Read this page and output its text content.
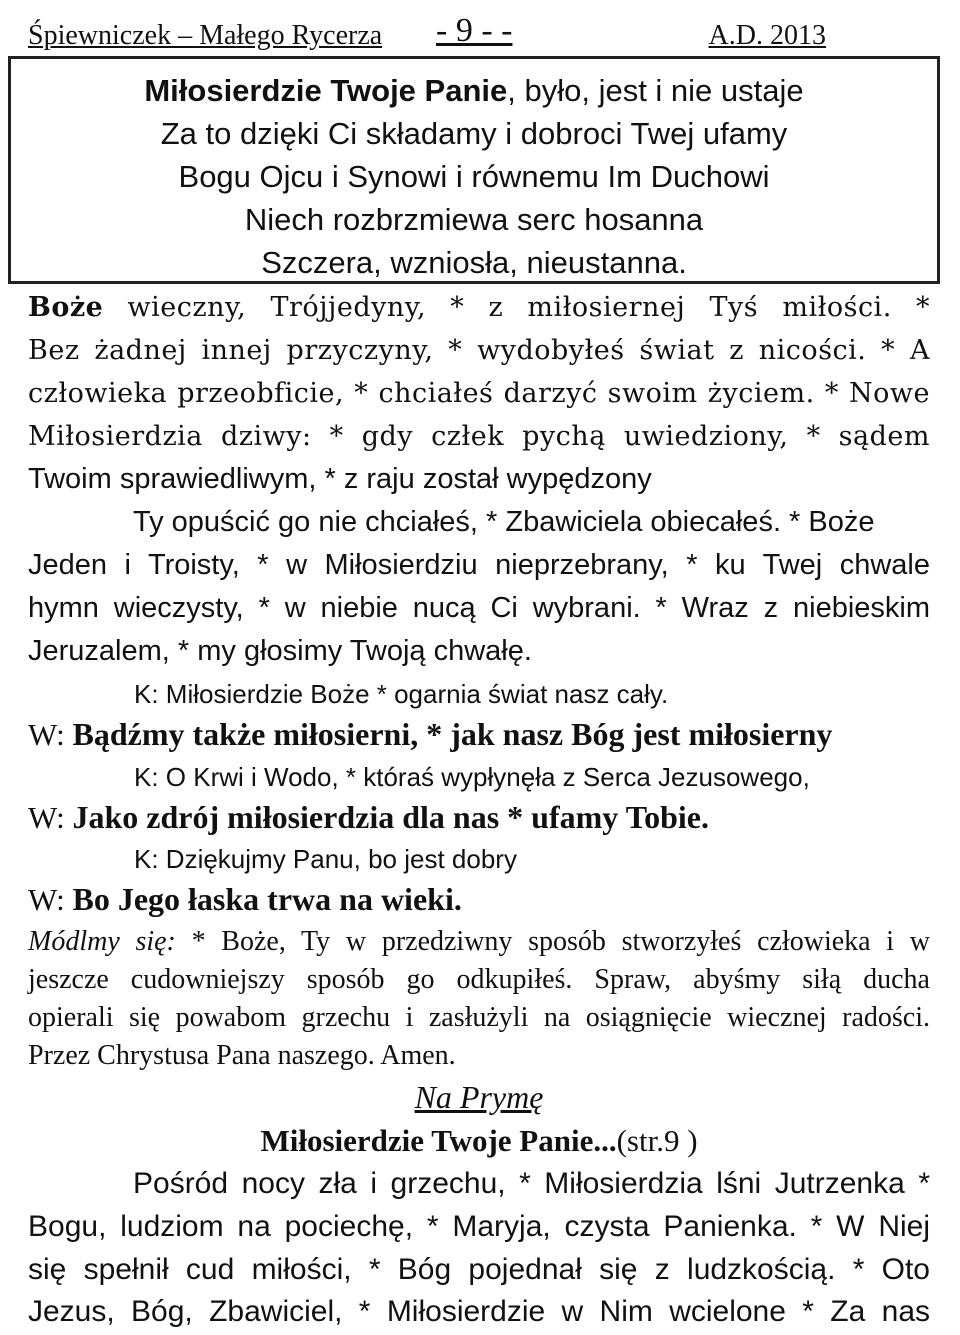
Śpiewniczek – Małego Rycerza - 9 - -	A.D. 2013

Miłosierdzie Twoje Panie, było, jest i nie ustaje

Za to dzięki Ci składamy i dobroci Twej ufamy

Bogu Ojcu i Synowi i równemu Im Duchowi

Niech rozbrzmiewa serc hosanna

Szczera, wzniosła, nieustanna.

Boże wieczny, Trójjedyny, * z miłosiernej Tyś miłości. *
Bez żadnej innej przyczyny, * wydobyłeś świat z nicości. * A
człowieka przeobficie, * chciałeś darzyć swoim życiem. * Nowe
Miłosierdzia dziwy: * gdy człek pychą uwiedziony, * sądem
Twoim sprawiedliwym, * z raju został wypędzony
Ty opuścić go nie chciałeś, * Zbawiciela obiecałeś. * Boże
Jeden i Troisty, * w Miłosierdziu nieprzebrany, * ku Twej chwale
hymn wieczysty, * w niebie nucą Ci wybrani. * Wraz z niebieskim
Jeruzalem, * my głosimy Twoją chwałę.
K: Miłosierdzie Boże * ogarnia świat nasz cały.
W: Bądźmy także miłosierni, * jak nasz Bóg jest miłosierny
K: O Krwi i Wodo, * któraś wypłynęła z Serca Jezusowego,
W: Jako zdrój miłosierdzia dla nas * ufamy Tobie.
K: Dziękujmy Panu, bo jest dobry
W: Bo Jego łaska trwa na wieki.
Módlmy się: * Boże, Ty w przedziwny sposób stworzyłeś człowieka i w
jeszcze cudowniejszy sposób go odkupiłeś. Spraw, abyśmy siłą ducha
opierali się powabom grzechu i zasłużyli na osiągnięcie wiecznej radości.
Przez Chrystusa Pana naszego. Amen.
Na Prymę
Miłosierdzie Twoje Panie...(str.9 )
Pośród nocy zła i grzechu, * Miłosierdzia lśni Jutrzenka *
Bogu, ludziom na pociechę, * Maryja, czysta Panienka. * W Niej
się spełnił cud miłości, * Bóg pojednał się z ludzkością. * Oto
Jezus, Bóg, Zbawiciel, * Miłosierdzie w Nim wcielone * Za nas
